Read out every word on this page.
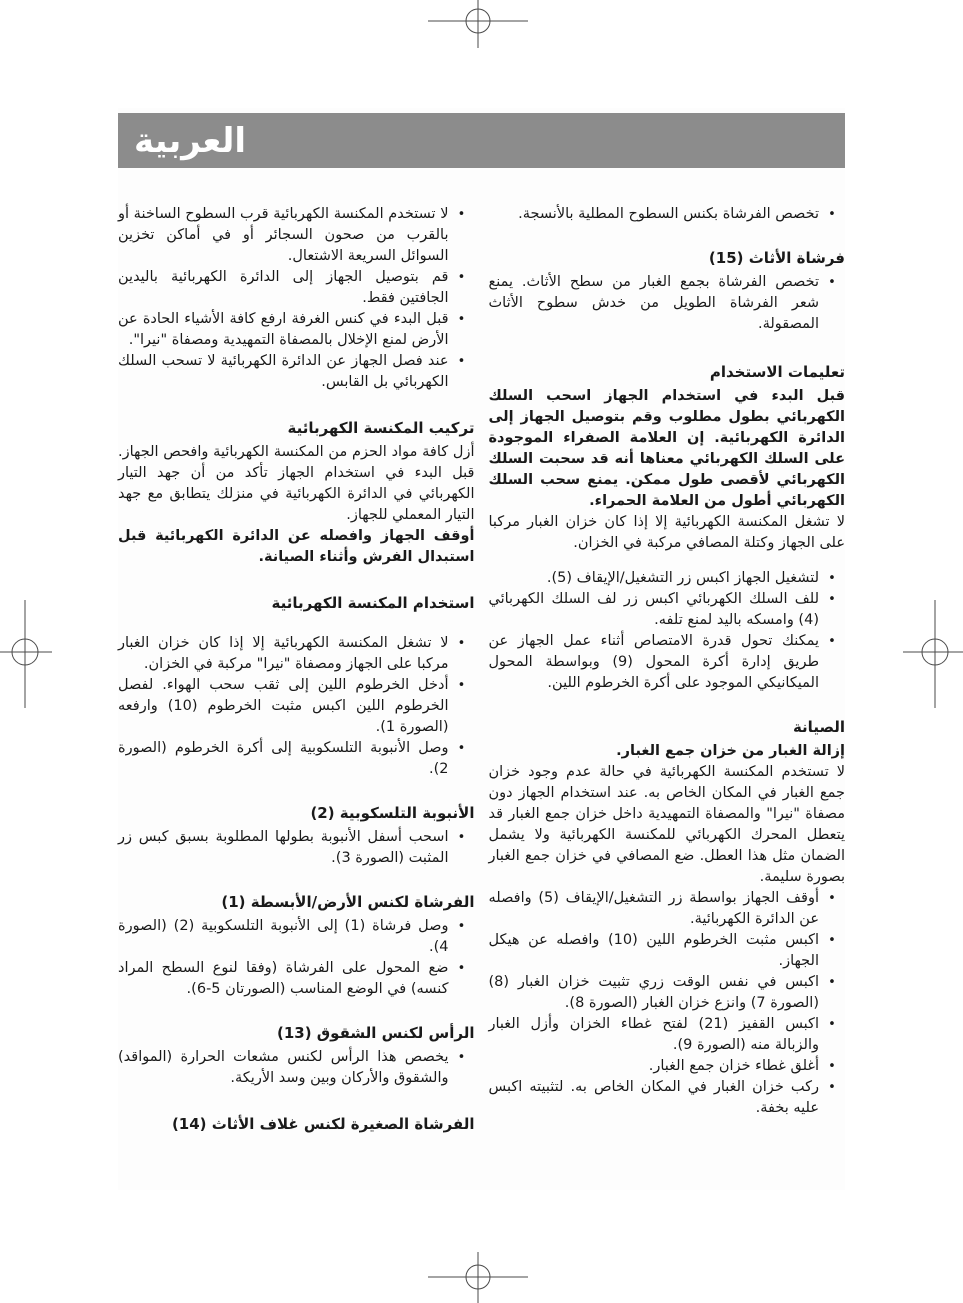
العربية
•
تخصص الفرشاة بكنس السطوح المطلية بالأنسجة.
فرشاة الأثاث (15)
•
تخصص الفرشاة بجمع الغبار من سطح الأثاث. يمنع شعر الفرشاة الطويل من خدش سطوح الأثاث المصقولة.
تعليمات الاستخدام
قبل البدء في استخدام الجهاز اسحب السلك الكهربائي بطول مطلوب وقم بتوصيل الجهاز إلى الدائرة الكهربائية. إن العلامة الصفراء الموجودة على السلك الكهربائي معناها أنه قد سحبت السلك الكهربائي لأقصى طول ممكن. يمنع سحب السلك الكهربائي أطول من العلامة الحمراء.
لا تشغل المكنسة الكهربائية إلا إذا كان خزان الغبار مركبا على الجهاز وكتلة المصافي مركبة في الخزان.
•
لتشغيل الجهاز اكبس زر التشغيل/الإيقاف (5).
•
للف السلك الكهربائي اكبس زر لف السلك الكهربائي (4) وامسكه باليد لمنع تلفه.
•
يمكنك تحول قدرة الامتصاص أثناء عمل الجهاز عن طريق إدارة أكرة المحول (9) وبواسطة المحول الميكانيكي الموجود على أكرة الخرطوم اللين.
الصيانة
إزالة الغبار من خزان جمع الغبار.
لا تستخدم المكنسة الكهربائية في حالة عدم وجود خزان جمع الغبار في المكان الخاص به. عند استخدام الجهاز دون مصفاة "نيرا" والمصفاة التمهيدية داخل خزان جمع الغبار قد يتعطل المحرك الكهربائي للمكنسة الكهربائية ولا يشمل الضمان مثل هذا العطل. ضع المصافي في خزان جمع الغبار بصورة سليمة.
•
أوقف الجهاز بواسطة زر التشغيل/الإيقاف (5) وافصله عن الدائرة الكهربائية.
•
اكبس مثبت الخرطوم اللين (10) وافصله عن هيكل الجهاز.
•
اكبس في نفس الوقت زري تثبيت خزان الغبار (8) (الصورة 7) وانزع خزان الغبار (الصورة 8).
•
اكبس القفيز (21) لفتح غطاء الخزان وأزل الغبار والزبالة منه (الصورة 9).
•
أغلق غطاء خزان جمع الغبار.
•
ركب خزان الغبار في المكان الخاص به. لتثبيته اكبس عليه بخفة.
•
لا تستخدم المكنسة الكهربائية قرب السطوح الساخنة أو بالقرب من صحون السجائر أو في أماكن تخزين السوائل السريعة الاشتعال.
•
قم بتوصيل الجهاز إلى الدائرة الكهربائية باليدين الجافتين فقط.
•
قبل البدء في كنس الغرفة ارفع كافة الأشياء الحادة عن الأرض لمنع الإخلال بالمصفاة التمهيدية ومصفاة "نيرا".
•
عند فصل الجهاز عن الدائرة الكهربائية لا تسحب السلك الكهربائي بل القابس.
تركيب المكنسة الكهربائية
أزل كافة مواد الحزم من المكنسة الكهربائية وافحص الجهاز. قبل البدء في استخدام الجهاز تأكد من أن جهد التيار الكهربائي في الدائرة الكهربائية في منزلك يتطابق مع جهد التيار المعملي للجهاز.
أوقف الجهاز وافصله عن الدائرة الكهربائية قبل استبدال الفرش وأثناء الصيانة.
استخدام المكنسة الكهربائية
•
لا تشغل المكنسة الكهربائية إلا إذا كان خزان الغبار مركبا على الجهاز ومصفاة "نيرا" مركبة في الخزان.
•
أدخل الخرطوم اللين إلى ثقب سحب الهواء. لفصل الخرطوم اللين اكبس مثبت الخرطوم (10) وارفعه (الصورة 1).
•
وصل الأنبوبة التلسكوبية إلى أكرة الخرطوم (الصورة 2).
الأنبوبة التلسكوبية (2)
•
اسحب أسفل الأنبوبة بطولها المطلوبة بسبق كبس زر المثبت (الصورة 3).
الفرشاة لكنس الأرض/الأبسطة (1)
•
وصل فرشاة (1) إلى الأنبوبة التلسكوبية (2) (الصورة 4).
•
ضع المحول على الفرشاة (وفقا لنوع السطح المراد كنسه) في الوضع المناسب (الصورتان 5-6).
الرأس لكنس الشقوق (13)
•
يخصص هذا الرأس لكنس مشعات الحرارة (المواقد) والشقوق والأركان وبين وسد الأريكة.
الفرشاة الصغيرة لكنس غلاف الأثاث (14)
